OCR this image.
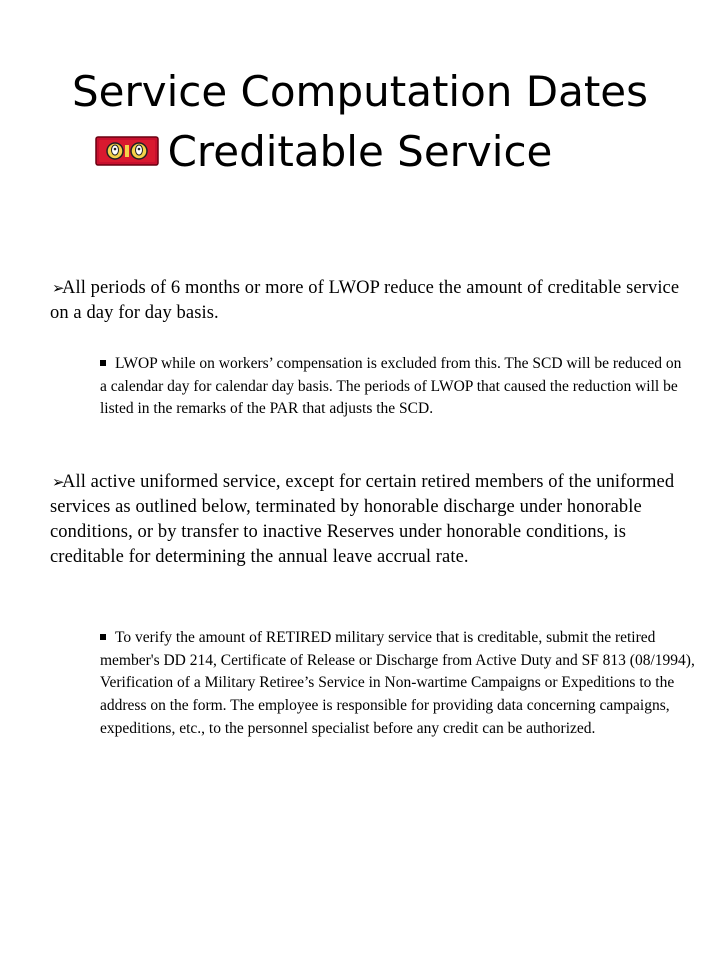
Service Computation Dates
Creditable Service
➢
All periods of 6 months or more of LWOP reduce the amount of creditable service on a day for day basis.
LWOP while on workers’ compensation is excluded from this. The SCD will be reduced on a calendar day for calendar day basis. The periods of LWOP that caused the reduction will be listed in the remarks of the PAR that adjusts the SCD.
➢
All active uniformed service, except for certain retired members of the uniformed services as outlined below, terminated by honorable discharge under honorable conditions, or by transfer to inactive Reserves under honorable conditions, is creditable for determining the annual leave accrual rate.
To verify the amount of RETIRED military service that is creditable, submit the retired member's DD 214, Certificate of Release or Discharge from Active Duty and SF 813 (08/1994), Verification of a Military Retiree’s Service in Non-wartime Campaigns or Expeditions to the address on the form. The employee is responsible for providing data concerning campaigns, expeditions, etc., to the personnel specialist before any credit can be authorized.
